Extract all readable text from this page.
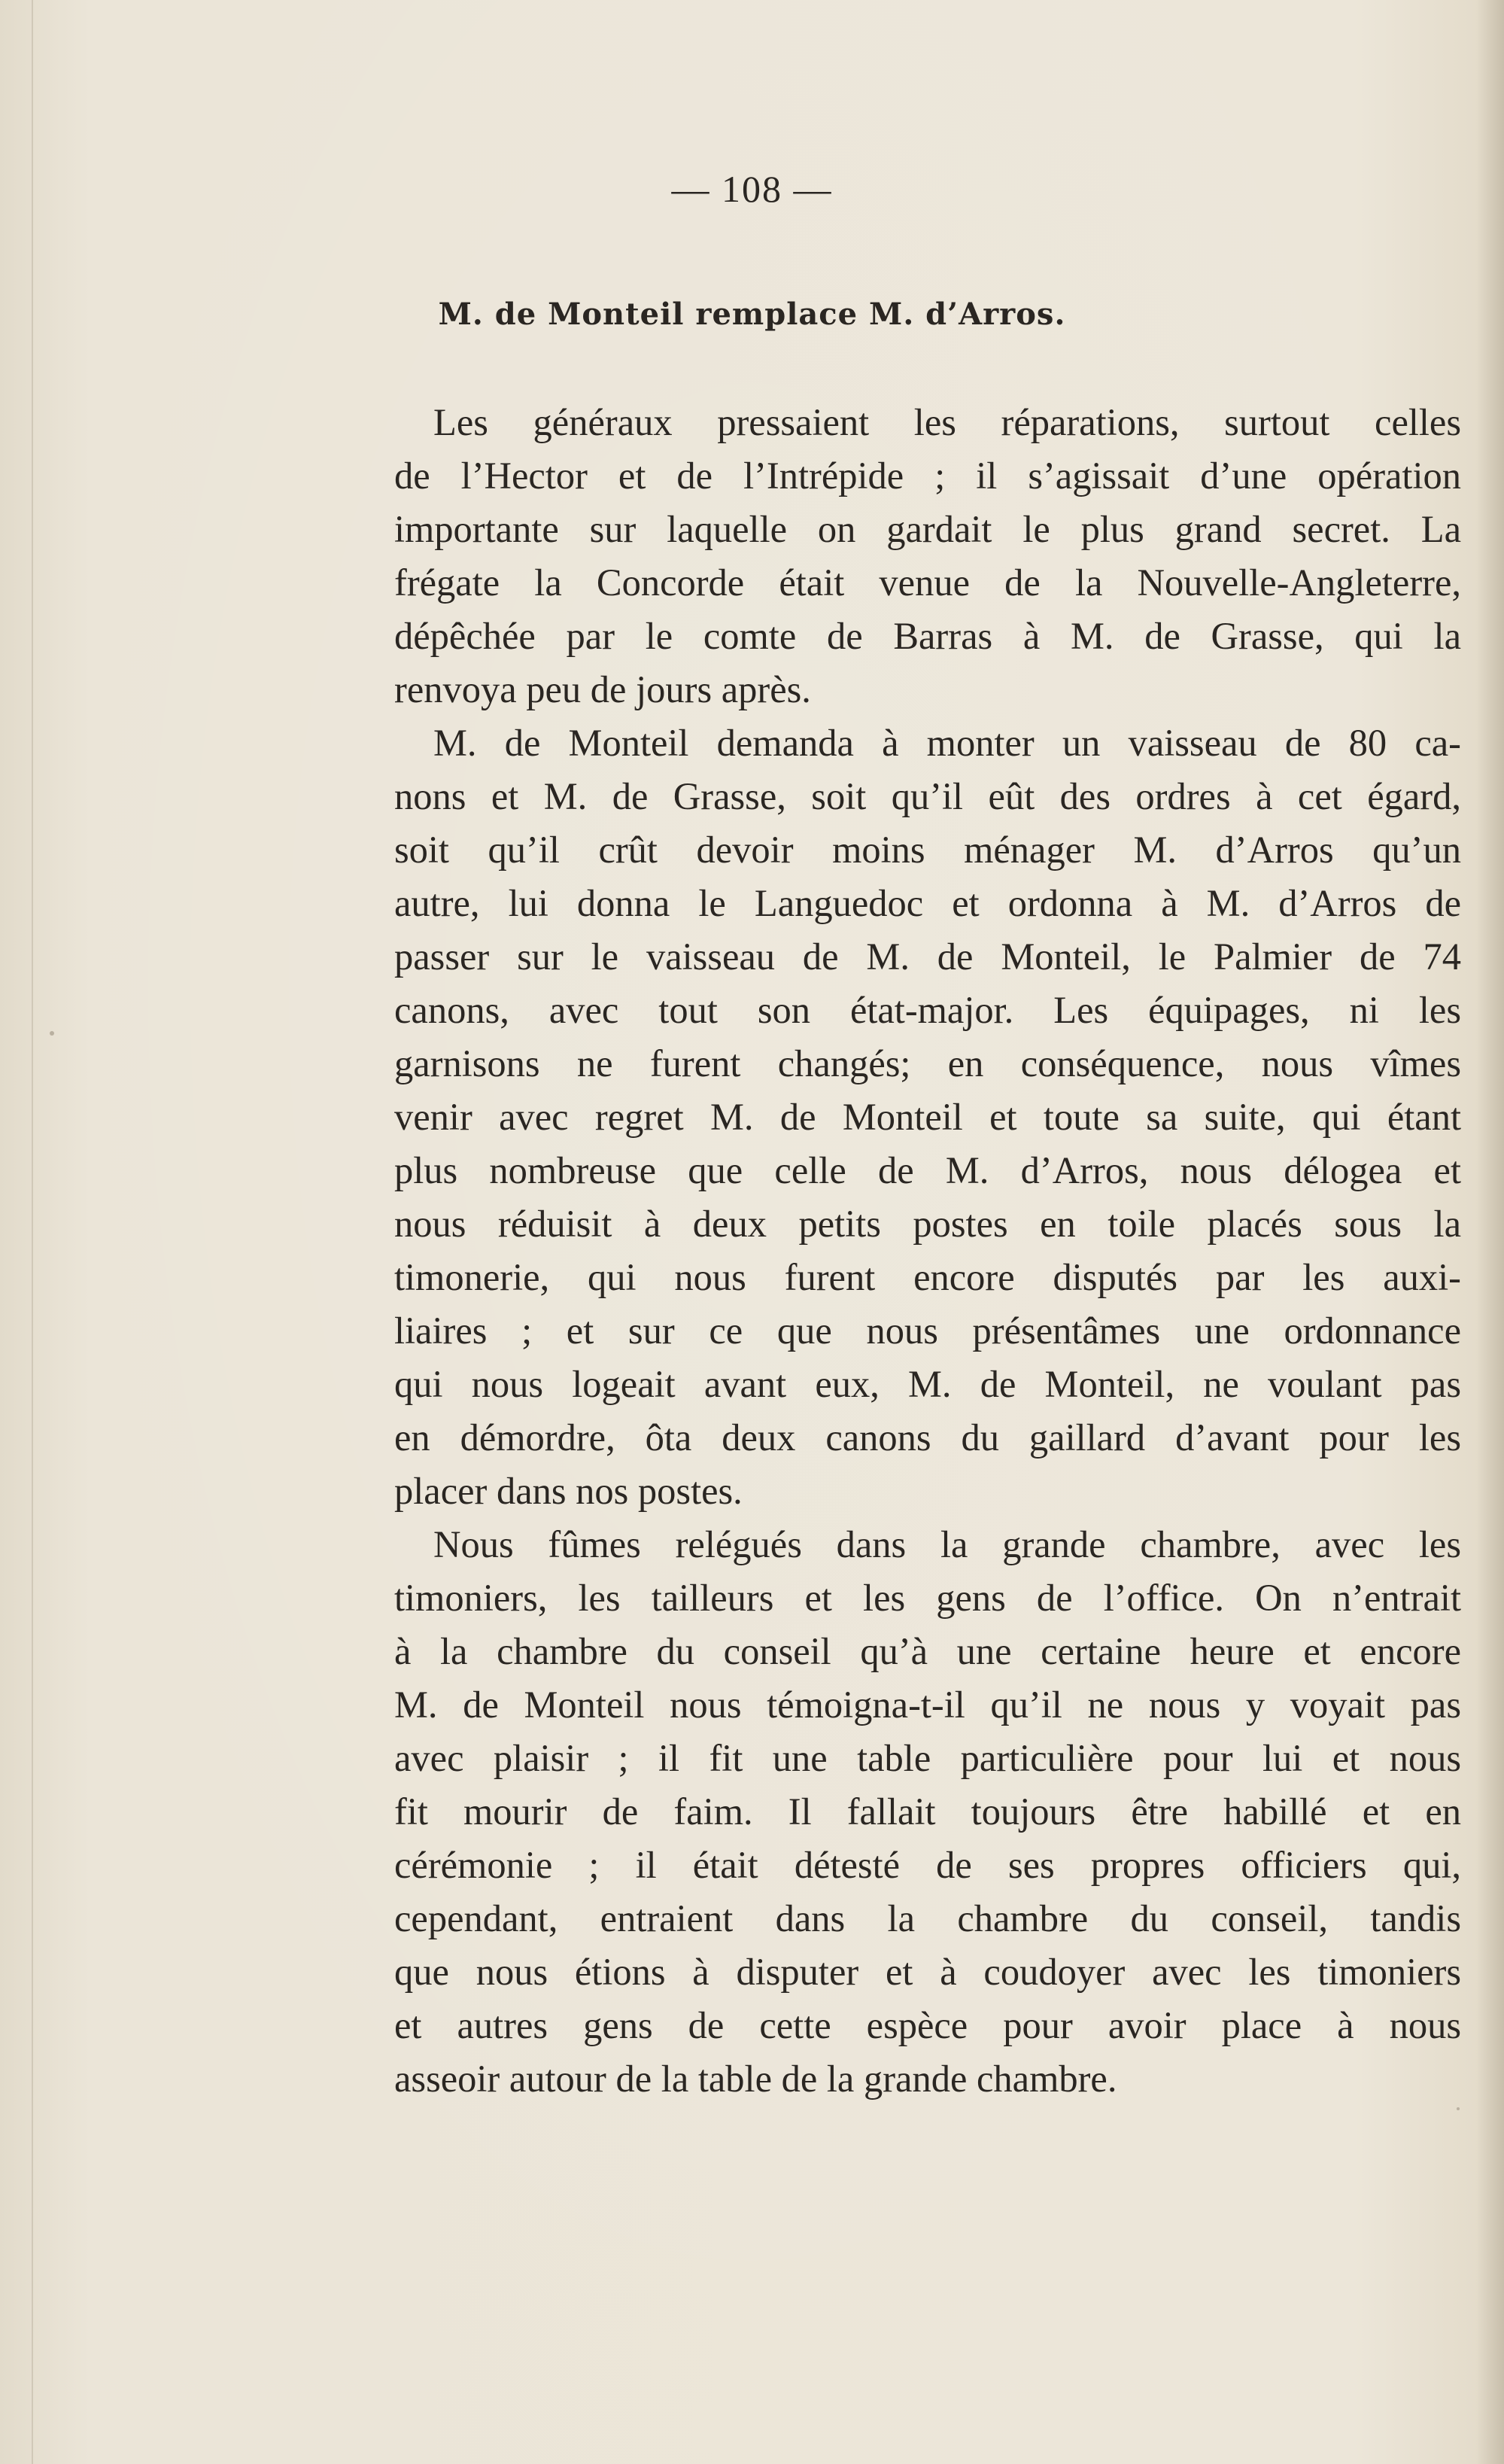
— 108 —
M. de Monteil remplace M. d’Arros.
Les généraux pressaient les réparations, surtout celles
de l’Hector et de l’Intrépide ; il s’agissait d’une opération
importante sur laquelle on gardait le plus grand secret. La
frégate la Concorde était venue de la Nouvelle-Angleterre,
dépêchée par le comte de Barras à M. de Grasse, qui la
renvoya peu de jours après.
M. de Monteil demanda à monter un vaisseau de 80 ca-
nons et M. de Grasse, soit qu’il eût des ordres à cet égard,
soit qu’il crût devoir moins ménager M. d’Arros qu’un
autre, lui donna le Languedoc et ordonna à M. d’Arros de
passer sur le vaisseau de M. de Monteil, le Palmier de 74
canons, avec tout son état-major. Les équipages, ni les
garnisons ne furent changés; en conséquence, nous vîmes
venir avec regret M. de Monteil et toute sa suite, qui étant
plus nombreuse que celle de M. d’Arros, nous délogea et
nous réduisit à deux petits postes en toile placés sous la
timonerie, qui nous furent encore disputés par les auxi-
liaires ; et sur ce que nous présentâmes une ordonnance
qui nous logeait avant eux, M. de Monteil, ne voulant pas
en démordre, ôta deux canons du gaillard d’avant pour les
placer dans nos postes.
Nous fûmes relégués dans la grande chambre, avec les
timoniers, les tailleurs et les gens de l’office. On n’entrait
à la chambre du conseil qu’à une certaine heure et encore
M. de Monteil nous témoigna-t-il qu’il ne nous y voyait pas
avec plaisir ; il fit une table particulière pour lui et nous
fit mourir de faim. Il fallait toujours être habillé et en
cérémonie ; il était détesté de ses propres officiers qui,
cependant, entraient dans la chambre du conseil, tandis
que nous étions à disputer et à coudoyer avec les timoniers
et autres gens de cette espèce pour avoir place à nous
asseoir autour de la table de la grande chambre.
